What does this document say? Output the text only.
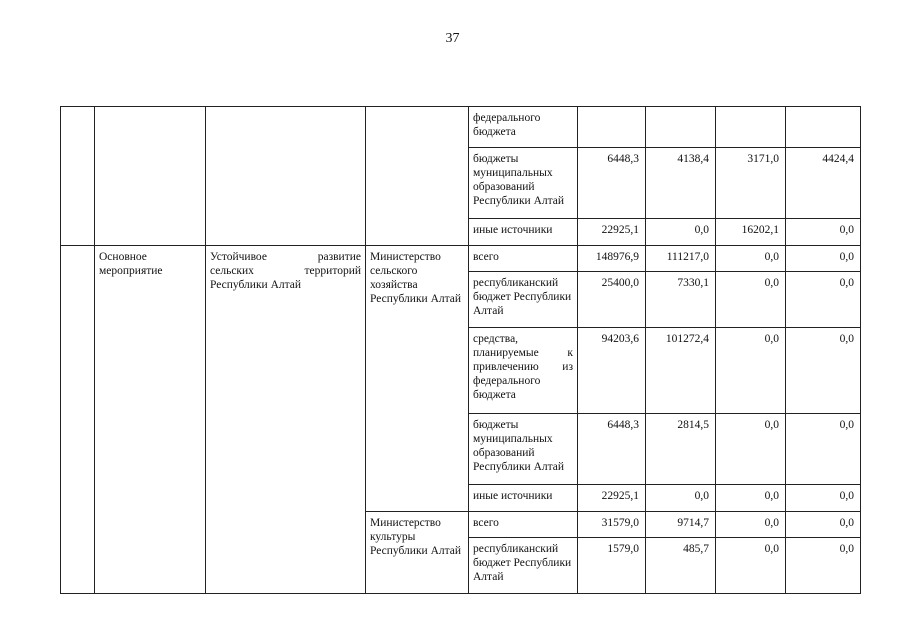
37
				федерального бюджета				
				бюджеты муниципальных образований Республики Алтай	6448,3	4138,4	3171,0	4424,4
				иные источники	22925,1	0,0	16202,1	0,0
	Основное мероприятие	Устойчивое развитие
сельских территорий
Республики Алтай	Министерство сельского хозяйства Республики Алтай	всего	148976,9	111217,0	0,0	0,0
				республиканский бюджет Республики Алтай	25400,0	7330,1	0,0	0,0

				средства,
планируемые к
привлечению из
федерального
бюджета	94203,6	101272,4	0,0	0,0
				бюджеты муниципальных образований Республики Алтай	6448,3	2814,5	0,0	0,0
				иные источники	22925,1	0,0	0,0	0,0
			Министерство культуры Республики Алтай	всего	31579,0	9714,7	0,0	0,0
				республиканский бюджет Республики Алтай	1579,0	485,7	0,0	0,0
